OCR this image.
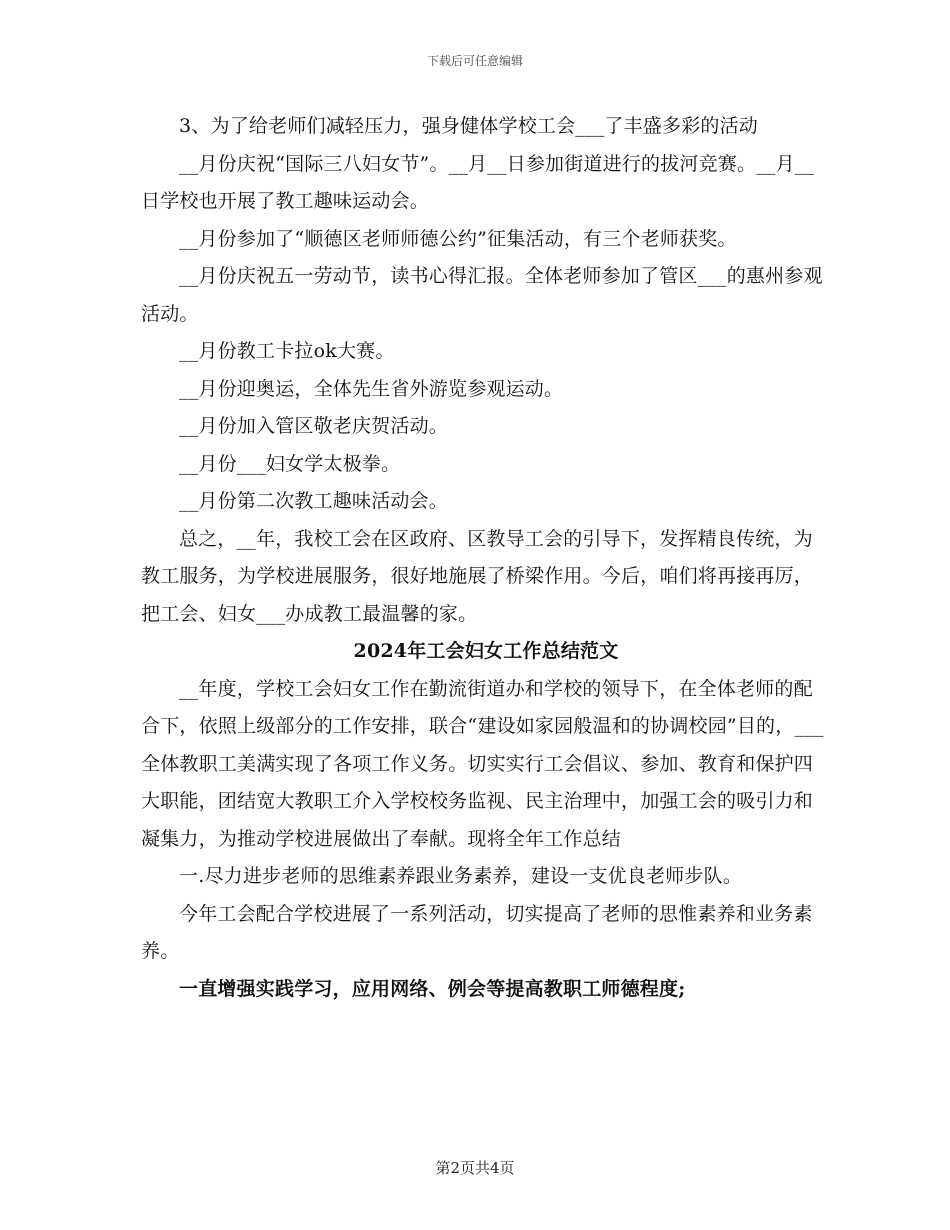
下载后可任意编辑

3、为了给老师们减轻压力，强身健体学校工会___了丰盛多彩的活动

__月份庆祝“国际三八妇女节”。__月__日参加街道进行的拔河竞赛。__月__日学校也开展了教工趣味运动会。

__月份参加了“顺德区老师师德公约”征集活动，有三个老师获奖。

__月份庆祝五一劳动节，读书心得汇报。全体老师参加了管区___的惠州参观活动。

__月份教工卡拉ok大赛。

__月份迎奥运，全体先生省外游览参观运动。

__月份加入管区敬老庆贺活动。

__月份___妇女学太极拳。

__月份第二次教工趣味活动会。

总之，__年，我校工会在区政府、区教导工会的引导下，发挥精良传统，为教工服务，为学校进展服务，很好地施展了桥梁作用。今后，咱们将再接再厉，把工会、妇女___办成教工最温馨的家。

2024年工会妇女工作总结范文

__年度，学校工会妇女工作在勤流街道办和学校的领导下，在全体老师的配合下，依照上级部分的工作安排，联合“建设如家园般温和的协调校园”目的，___全体教职工美满实现了各项工作义务。切实实行工会倡议、参加、教育和保护四大职能，团结宽大教职工介入学校校务监视、民主治理中，加强工会的吸引力和凝集力，为推动学校进展做出了奉献。现将全年工作总结

一.尽力进步老师的思维素养跟业务素养，建设一支优良老师步队。

今年工会配合学校进展了一系列活动，切实提高了老师的思惟素养和业务素养。

一直增强实践学习，应用网络、例会等提高教职工师德程度;

第2页共4页
